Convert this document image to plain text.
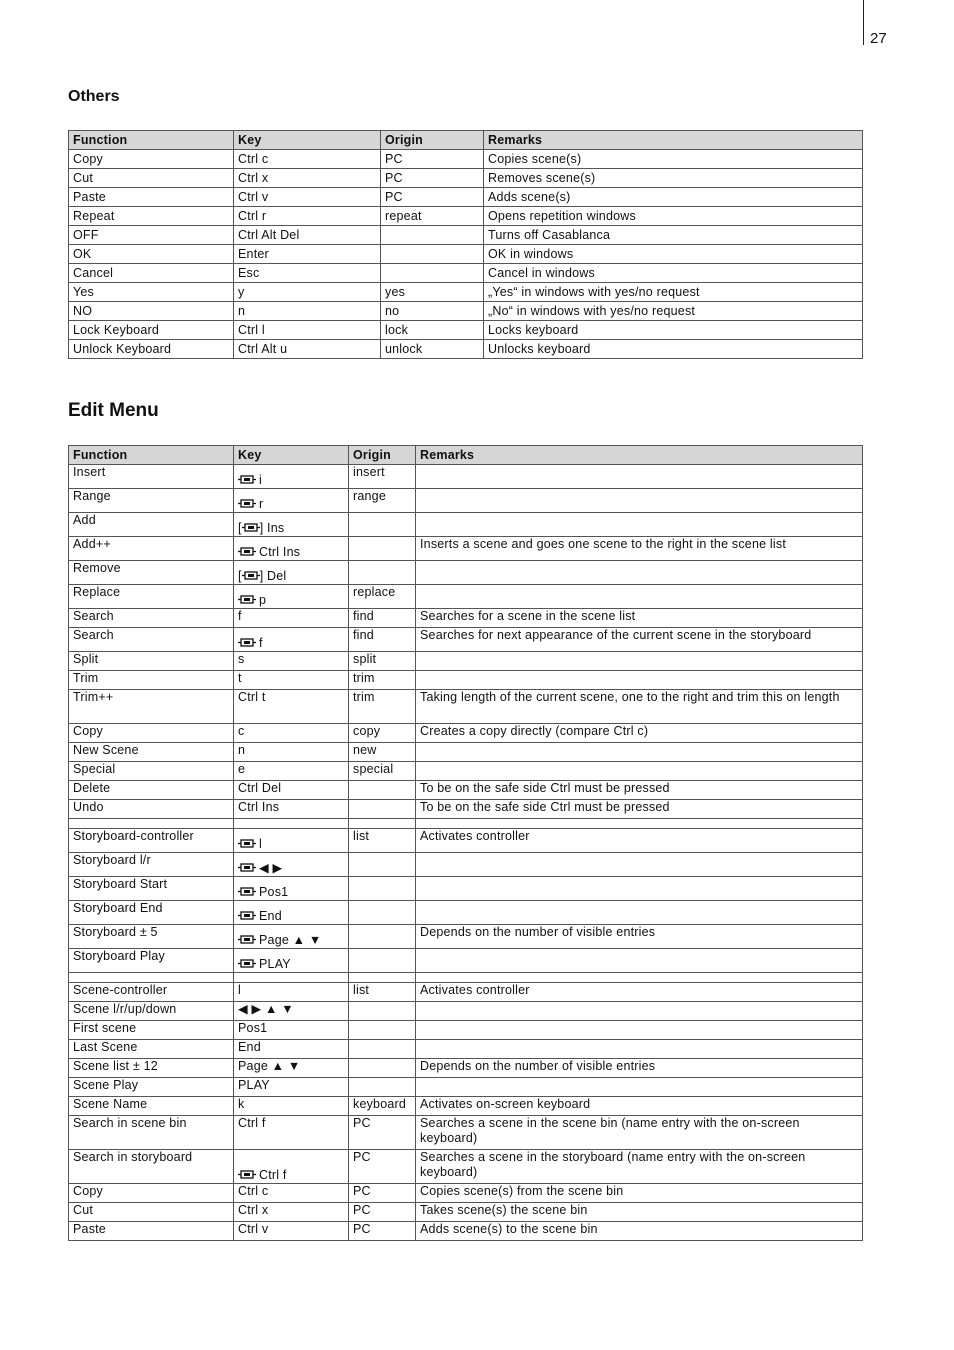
27
Others
Function	Key	Origin	Remarks
Copy	Ctrl c	PC	Copies scene(s)
Cut	Ctrl x	PC	Removes scene(s)
Paste	Ctrl v	PC	Adds scene(s)
Repeat	Ctrl r	repeat	Opens repetition windows
OFF	Ctrl Alt Del		Turns off Casablanca
OK	Enter		OK in windows
Cancel	Esc		Cancel in windows
Yes	y	yes	„Yes“ in windows with yes/no request
NO	n	no	„No“ in windows with yes/no request
Lock Keyboard	Ctrl l	lock	Locks keyboard
Unlock Keyboard	Ctrl Alt u	unlock	Unlocks keyboard
Edit Menu
Function	Key	Origin	Remarks
Insert	i	insert	
Range	r	range	
Add	[ ] Ins		
Add++	Ctrl Ins		Inserts a scene and goes one scene to the right in the scene list
Remove	[ ] Del		
Replace	p	replace	
Search	f	find	Searches for a scene in the scene list
Search	f	find	Searches for next appearance of the current scene in the storyboard
Split	s	split	
Trim	t	trim	
Trim++	Ctrl t	trim	Taking length of the current scene, one to the right and trim this on length
Copy	c	copy	Creates a copy directly (compare Ctrl c)
New Scene	n	new	
Special	e	special	
Delete	Ctrl Del		To be on the safe side Ctrl must be pressed
Undo	Ctrl Ins		To be on the safe side Ctrl must be pressed

Storyboard-controller	l	list	Activates controller
Storyboard l/r	◀ ▶		
Storyboard Start	Pos1		
Storyboard End	End		
Storyboard ± 5	Page ▲ ▼		Depends on the number of visible entries
Storyboard Play	PLAY		

Scene-controller	l	list	Activates controller
Scene l/r/up/down	◀ ▶ ▲ ▼		
First scene	Pos1		
Last Scene	End		
Scene list ± 12	Page ▲ ▼		Depends on the number of visible entries
Scene Play	PLAY		
Scene Name	k	keyboard	Activates on-screen keyboard
Search in scene bin	Ctrl f	PC	Searches a scene in the scene bin (name entry with the on-screen keyboard)
Search in storyboard	Ctrl f	PC	Searches a scene in the storyboard (name entry with the on-screen keyboard)
Copy	Ctrl c	PC	Copies scene(s) from the scene bin
Cut	Ctrl x	PC	Takes scene(s) the scene bin
Paste	Ctrl v	PC	Adds scene(s) to the scene bin
